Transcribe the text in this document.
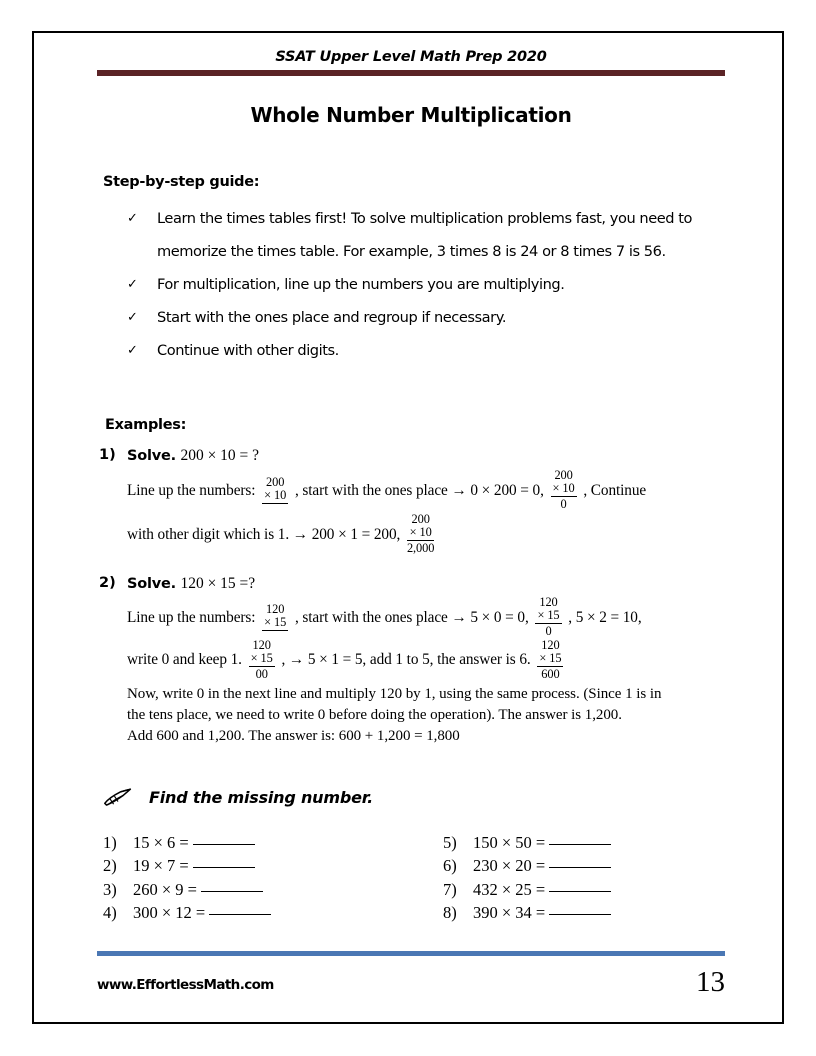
SSAT Upper Level Math Prep 2020
Whole Number Multiplication
Step-by-step guide:
✓ Learn the times tables first! To solve multiplication problems fast, you need to memorize the times table. For example, 3 times 8 is 24 or 8 times 7 is 56.
✓ For multiplication, line up the numbers you are multiplying.
✓ Start with the ones place and regroup if necessary.
✓ Continue with other digits.
Examples:
1) Solve. 200 × 10 = ?
Line up the numbers: 200
× 10 , start with the ones place → 0 × 200 = 0,
200
× 10
0
, Continue
with other digit which is 1. → 200 × 1 = 200,
200
× 10
2,000
2) Solve. 120 × 15 =?
Line up the numbers: 120
× 15 , start with the ones place → 5 × 0 = 0,
120
× 15
0
, 5 × 2 = 10,
write 0 and keep 1.
120
× 15
00
, → 5 × 1 = 5, add 1 to 5, the answer is 6.
120
× 15
600
Now, write 0 in the next line and multiply 120 by 1, using the same process. (Since 1 is in
the tens place, we need to write 0 before doing the operation). The answer is 1,200.
Add 600 and 1,200. The answer is: 600 + 1,200 = 1,800
Find the missing number.
1) 15 × 6 =
2) 19 × 7 =
3) 260 × 9 =
4) 300 × 12 =
5) 150 × 50 =
6) 230 × 20 =
7) 432 × 25 =
8) 390 × 34 =
www.EffortlessMath.com	13
